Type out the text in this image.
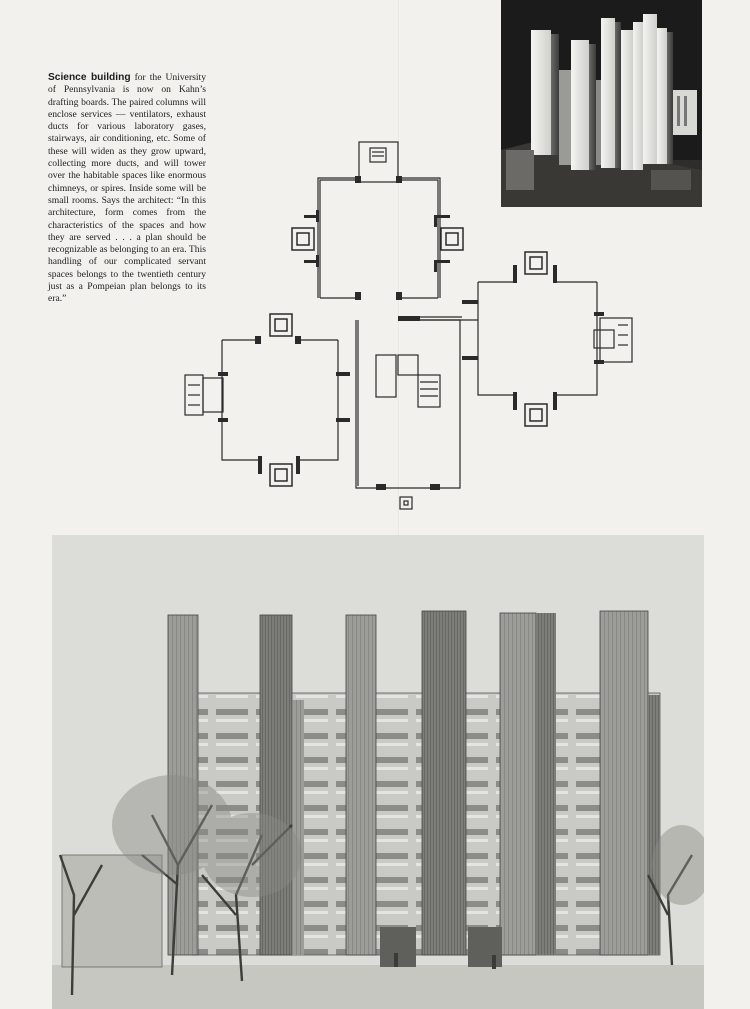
Science building for the University of Pennsylvania is now on Kahn’s drafting boards. The paired columns will enclose services — ventilators, exhaust ducts for various laboratory gases, stairways, air conditioning, etc. Some of these will widen as they grow upward, collecting more ducts, and will tower over the habitable spaces like enormous chimneys, or spires. Inside some will be small rooms. Says the architect: “In this architecture, form comes from the characteristics of the spaces and how they are served . . . a plan should be recognizable as belonging to an era. This handling of our complicated servant spaces belongs to the twentieth century just as a Pompeian plan belongs to its era.”
